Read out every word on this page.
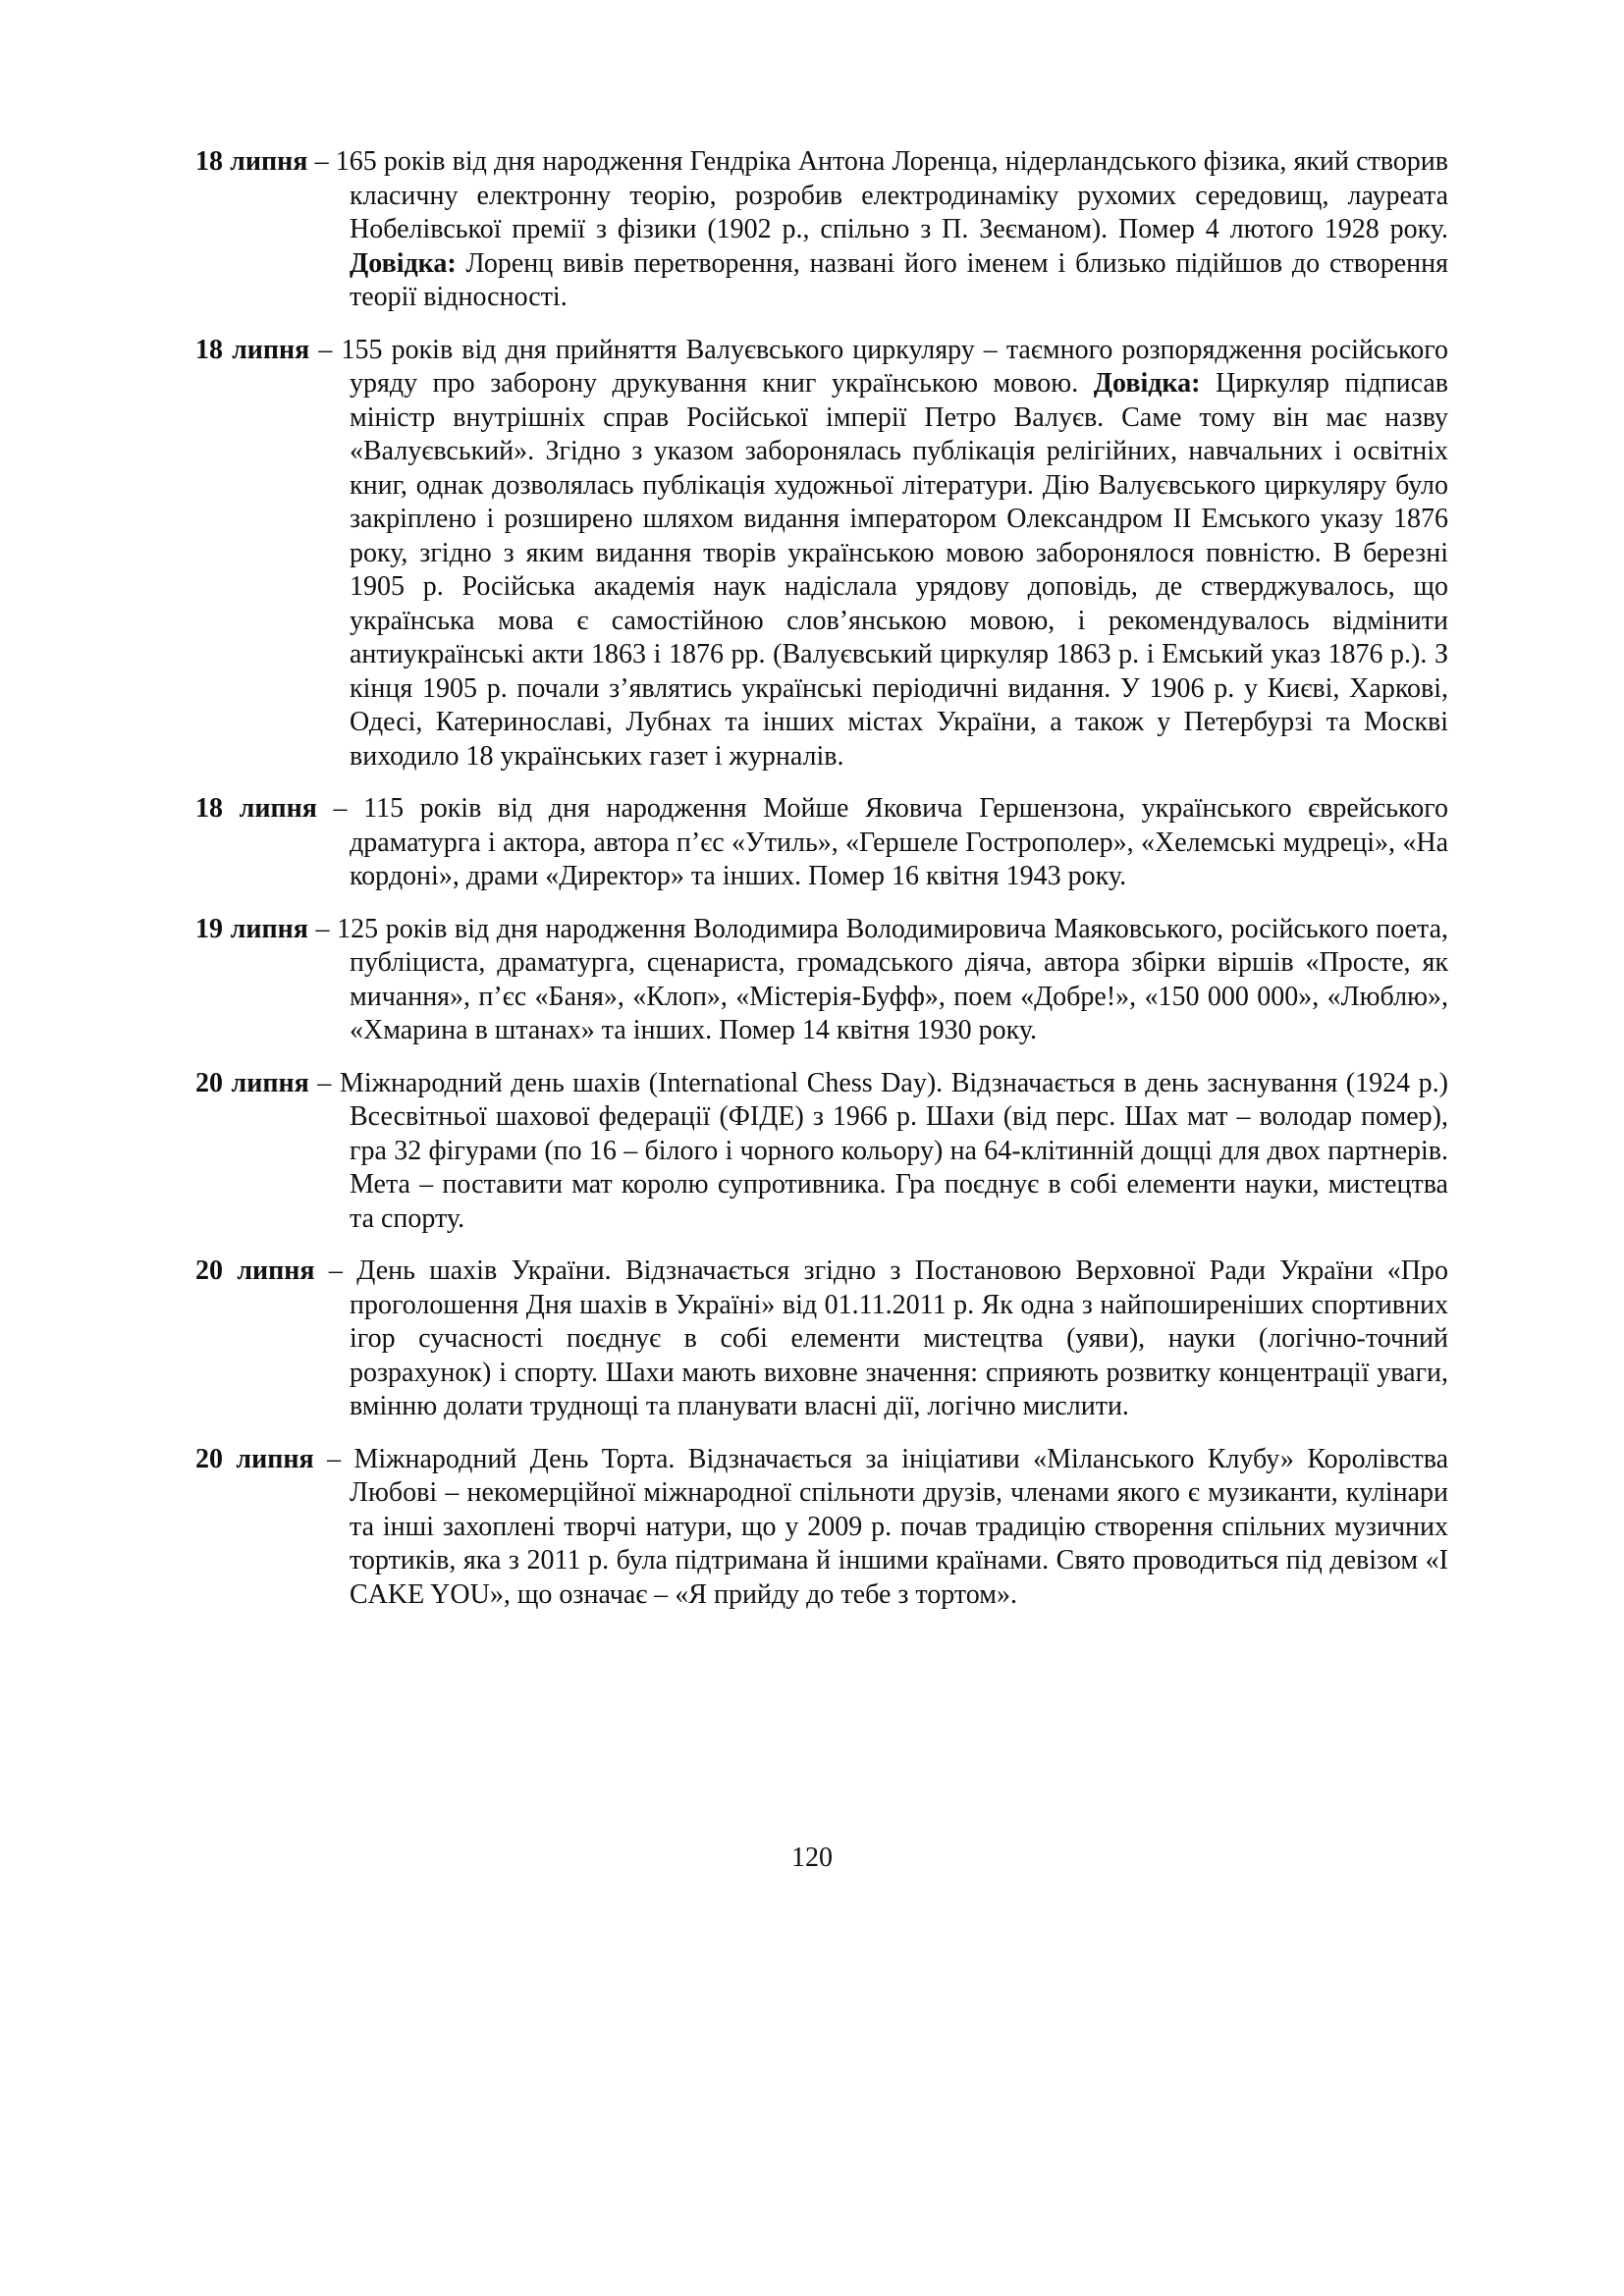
18 липня – 165 років від дня народження Гендріка Антона Лоренца, нідерландського фізика, який створив класичну електронну теорію, розробив електродинаміку рухомих середовищ, лауреата Нобелівської премії з фізики (1902 р., спільно з П. Зеєманом). Помер 4 лютого 1928 року. Довідка: Лоренц вивів перетворення, названі його іменем і близько підійшов до створення теорії відносності.

18 липня – 155 років від дня прийняття Валуєвського циркуляру – таємного розпорядження російського уряду про заборону друкування книг українською мовою. Довідка: Циркуляр підписав міністр внутрішніх справ Російської імперії Петро Валуєв. Саме тому він має назву «Валуєвський». Згідно з указом заборонялась публікація релігійних, навчальних і освітніх книг, однак дозволялась публікація художньої літератури. Дію Валуєвського циркуляру було закріплено і розширено шляхом видання імператором Олександром II Емського указу 1876 року, згідно з яким видання творів українською мовою заборонялося повністю. В березні 1905 р. Російська академія наук надіслала урядову доповідь, де стверджувалось, що українська мова є самостійною слов’янською мовою, і рекомендувалось відмінити антиукраїнські акти 1863 і 1876 рр. (Валуєвський циркуляр 1863 р. і Емський указ 1876 р.). З кінця 1905 р. почали з’являтись українські періодичні видання. У 1906 р. у Києві, Харкові, Одесі, Катеринославі, Лубнах та інших містах України, а також у Петербурзі та Москві виходило 18 українських газет і журналів.

18 липня – 115 років від дня народження Мойше Яковича Гершензона, українського єврейського драматурга і актора, автора п’єс «Утиль», «Гершеле Гострополер», «Хелемські мудреці», «На кордоні», драми «Директор» та інших. Помер 16 квітня 1943 року.

19 липня – 125 років від дня народження Володимира Володимировича Маяковського, російського поета, публіциста, драматурга, сценариста, громадського діяча, автора збірки віршів «Просте, як мичання», п’єс «Баня», «Клоп», «Містерія-Буфф», поем «Добре!», «150 000 000», «Люблю», «Хмарина в штанах» та інших. Помер 14 квітня 1930 року.

20 липня – Міжнародний день шахів (International Chess Day). Відзначається в день заснування (1924 р.) Всесвітньої шахової федерації (ФІДЕ) з 1966 р. Шахи (від перс. Шах мат – володар помер), гра 32 фігурами (по 16 – білого і чорного кольору) на 64-клітинній дощці для двох партнерів. Мета – поставити мат королю супротивника. Гра поєднує в собі елементи науки, мистецтва та спорту.

20 липня – День шахів України. Відзначається згідно з Постановою Верховної Ради України «Про проголошення Дня шахів в Україні» від 01.11.2011 р. Як одна з найпоширеніших спортивних ігор сучасності поєднує в собі елементи мистецтва (уяви), науки (логічно-точний розрахунок) і спорту. Шахи мають виховне значення: сприяють розвитку концентрації уваги, вмінню долати труднощі та планувати власні дії, логічно мислити.

20 липня – Міжнародний День Торта. Відзначається за ініціативи «Міланського Клубу» Королівства Любові – некомерційної міжнародної спільноти друзів, членами якого є музиканти, кулінари та інші захоплені творчі натури, що у 2009 р. почав традицію створення спільних музичних тортиків, яка з 2011 р. була підтримана й іншими країнами. Свято проводиться під девізом «I CAKE YOU», що означає – «Я прийду до тебе з тортом».

120
